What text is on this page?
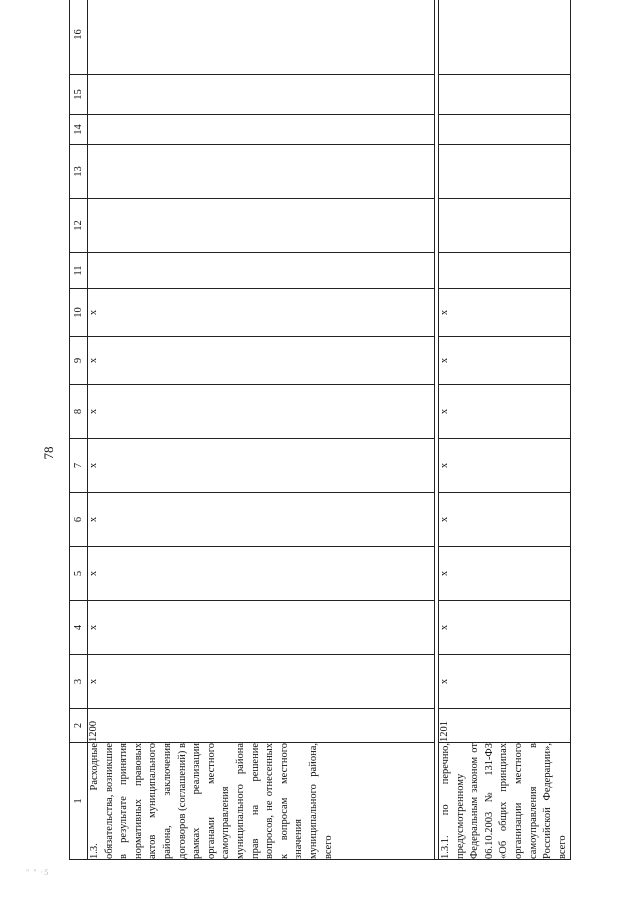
78
" " ·5
1	2	3	4	5	6	7	8	9	10	11	12	13	14	15	16
1.3. Расходные обязательства, возникшие в результате принятия нормативных правовых актов муниципального района, заключения договоров (соглашений) в рамках реализации органами местного самоуправления муниципального района прав на решение вопросов, не отнесенных к вопросам местного значения муниципального района, всего	1200	x	x	x	x	x	x	x	x						

1.3.1. по перечню, предусмотренному Федеральным законом от 06.10.2003 № 131-ФЗ «Об общих принципах организации местного самоуправления в Российской Федерации», всего	1201	x	x	x	x	x	x	x	x						
